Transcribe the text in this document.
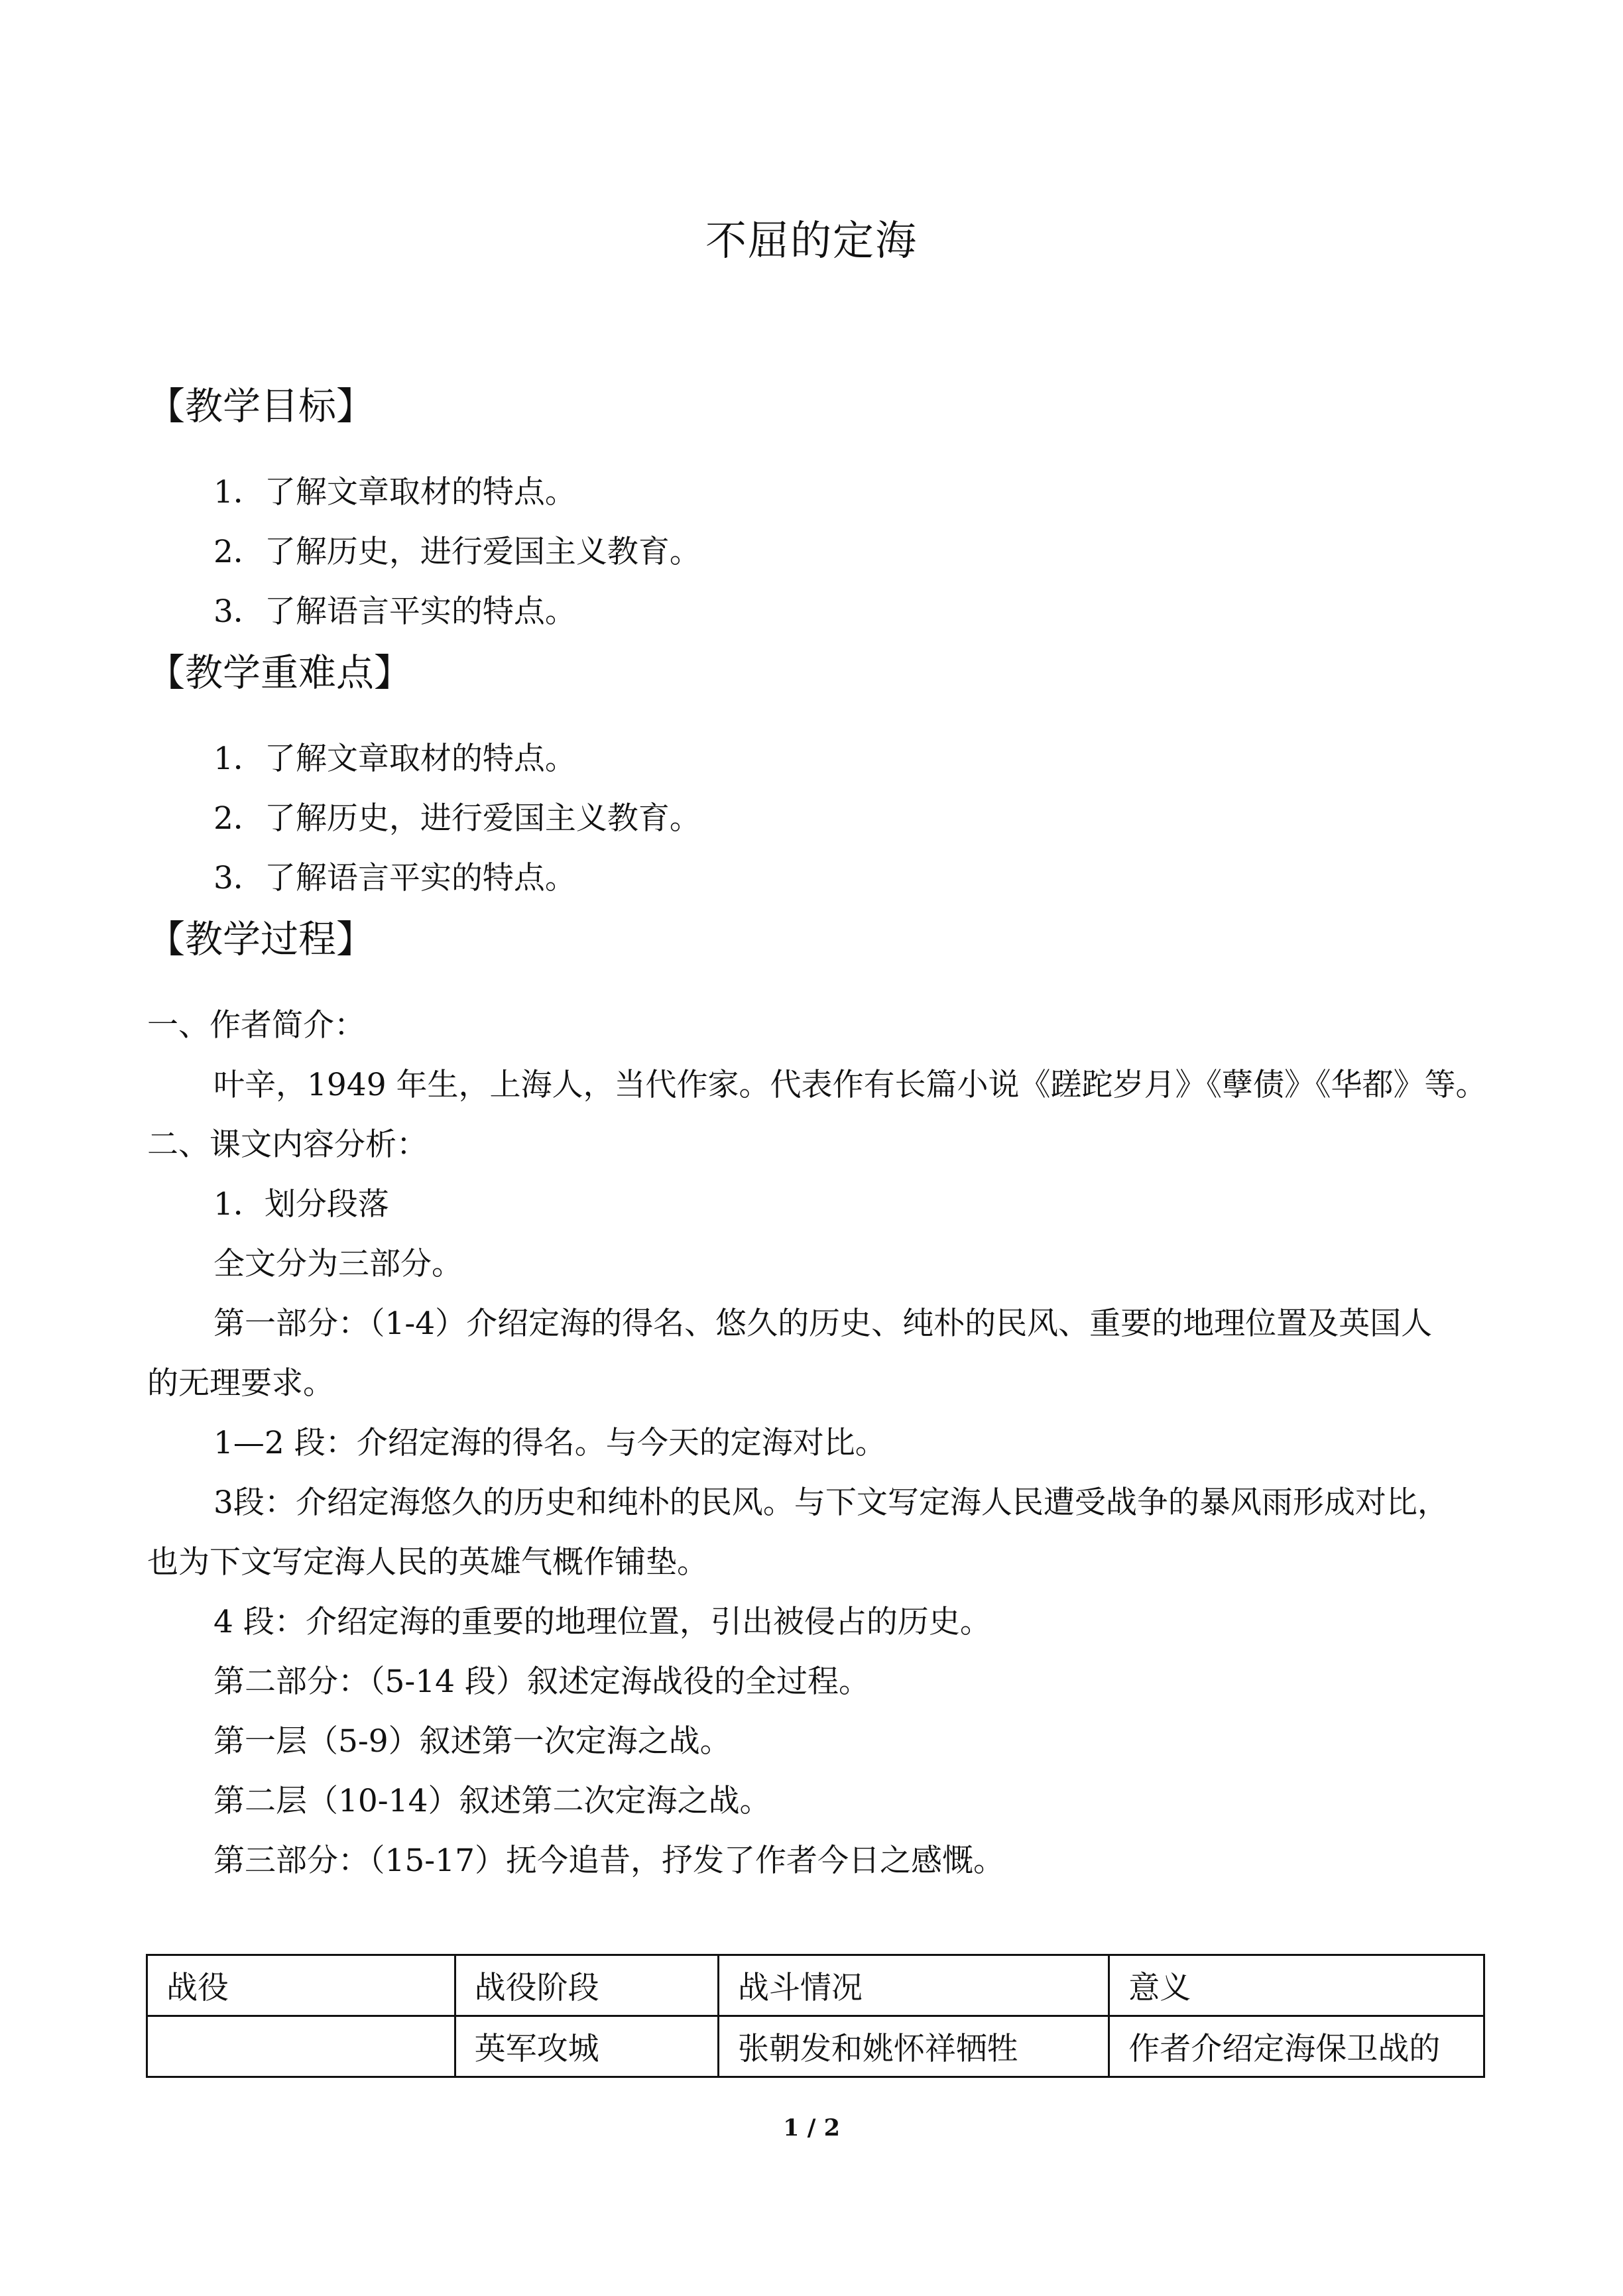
不屈的定海
【教学目标】
1．了解文章取材的特点。
2．了解历史，进行爱国主义教育。
3．了解语言平实的特点。
【教学重难点】
1．了解文章取材的特点。
2．了解历史，进行爱国主义教育。
3．了解语言平实的特点。
【教学过程】
一、作者简介：
叶辛，1949 年生，上海人，当代作家。代表作有长篇小说《蹉跎岁月》《孽债》《华都》等。
二、课文内容分析：
1．划分段落
全文分为三部分。
第一部分：（1-4）介绍定海的得名、悠久的历史、纯朴的民风、重要的地理位置及英国人
的无理要求。
1—2 段：介绍定海的得名。与今天的定海对比。
3段：介绍定海悠久的历史和纯朴的民风。与下文写定海人民遭受战争的暴风雨形成对比，
也为下文写定海人民的英雄气概作铺垫。
4 段：介绍定海的重要的地理位置，引出被侵占的历史。
第二部分：（5-14 段）叙述定海战役的全过程。
第一层（5-9）叙述第一次定海之战。
第二层（10-14）叙述第二次定海之战。
第三部分：（15-17）抚今追昔，抒发了作者今日之感慨。
战役	战役阶段	战斗情况	意义
	英军攻城	张朝发和姚怀祥牺牲	作者介绍定海保卫战的
1 / 2
